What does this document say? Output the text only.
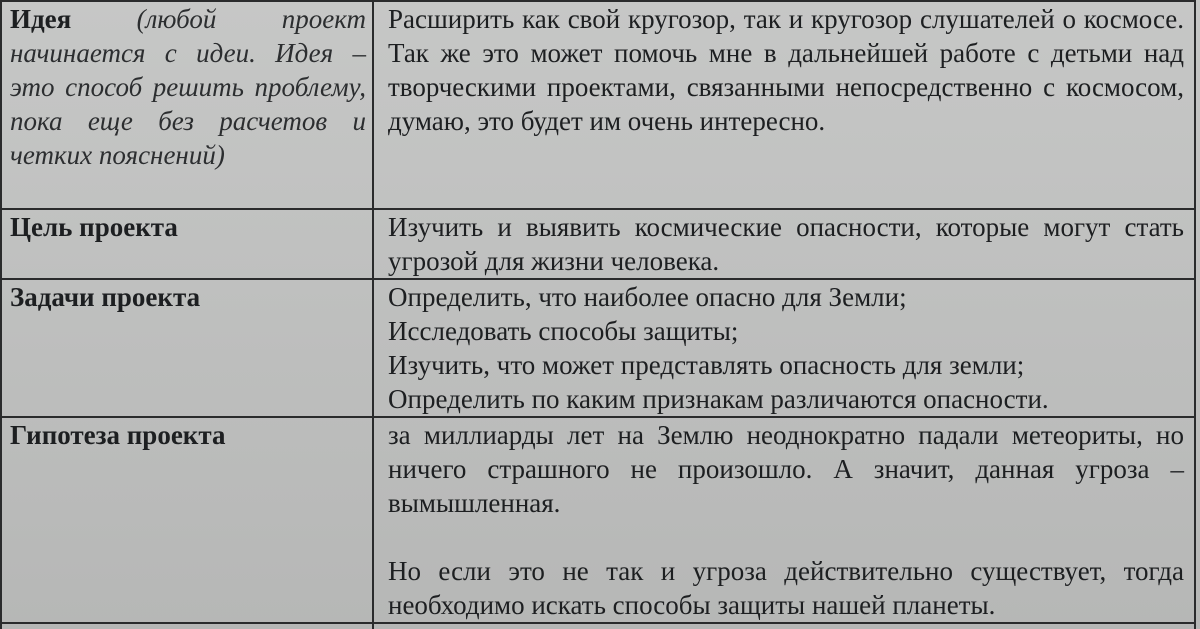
Идея (любой проект начинается с идеи. Идея – это способ решить проблему, пока еще без расчетов и четких пояснений)	Расширить как свой кругозор, так и кругозор слушателей о космосе. Так же это может помочь мне в дальнейшей работе с детьми над творческими проектами, связанными непосредственно с космосом, думаю, это будет им очень интересно.
Цель проекта	Изучить и выявить космические опасности, которые могут стать угрозой для жизни человека.
Задачи проекта	Определить, что наиболее опасно для Земли;
Исследовать способы защиты;
Изучить, что может представлять опасность для земли;
Определить по каким признакам различаются опасности.

Гипотеза проекта	за миллиарды лет на Землю неоднократно падали метеориты, но ничего страшного не произошло. А значит, данная угроза – вымышленная.
Но если это не так и угроза действительно существует, тогда необходимо искать способы защиты нашей планеты.
